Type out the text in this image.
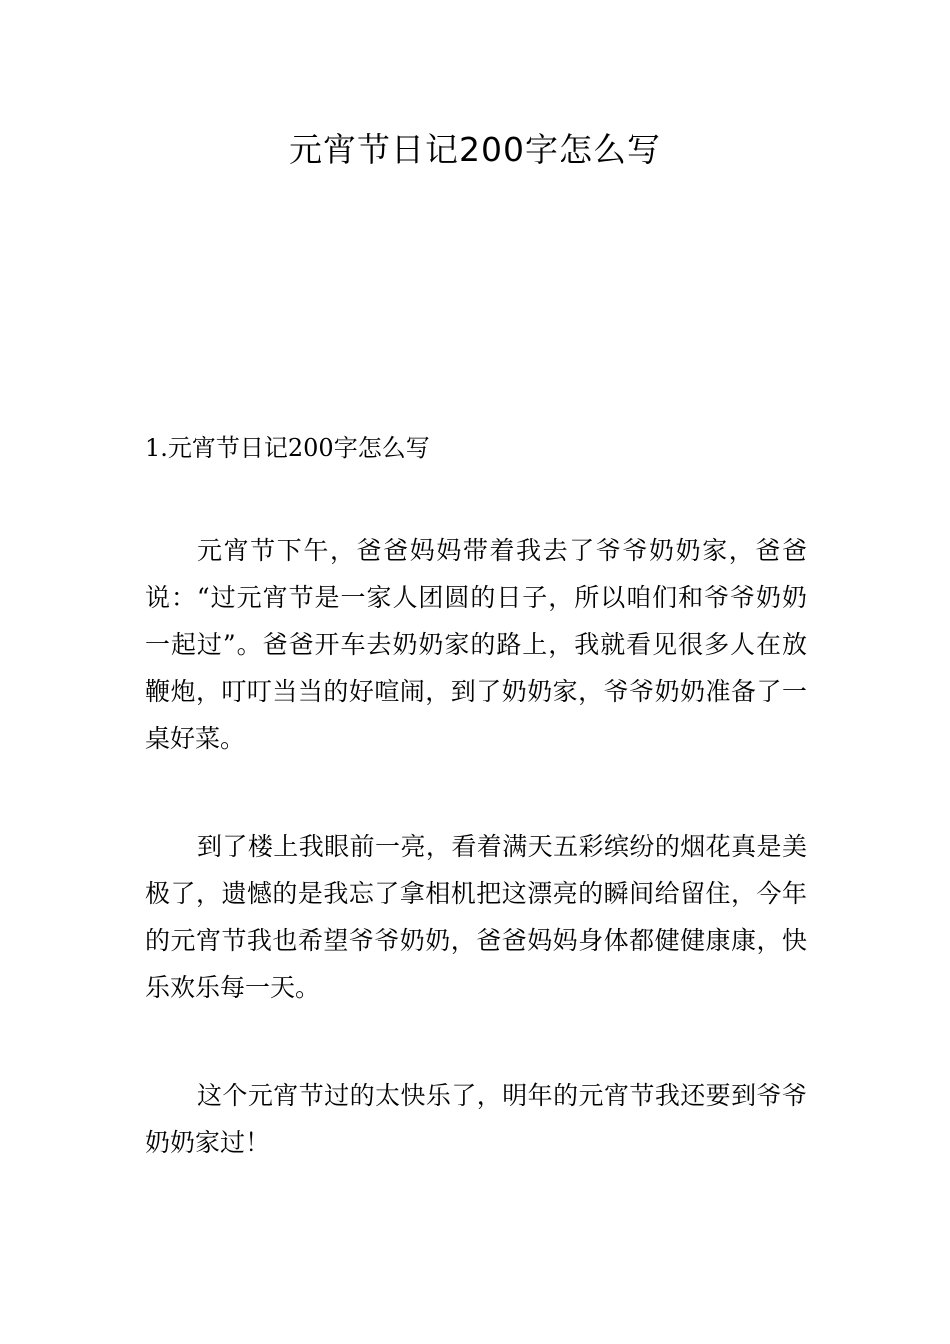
元宵节日记200字怎么写

1.元宵节日记200字怎么写

元宵节下午，爸爸妈妈带着我去了爷爷奶奶家，爸爸说：“过元宵节是一家人团圆的日子，所以咱们和爷爷奶奶一起过”。爸爸开车去奶奶家的路上，我就看见很多人在放鞭炮，叮叮当当的好喧闹，到了奶奶家，爷爷奶奶准备了一桌好菜。

到了楼上我眼前一亮，看着满天五彩缤纷的烟花真是美极了，遗憾的是我忘了拿相机把这漂亮的瞬间给留住，今年的元宵节我也希望爷爷奶奶，爸爸妈妈身体都健健康康，快乐欢乐每一天。

这个元宵节过的太快乐了，明年的元宵节我还要到爷爷奶奶家过！
